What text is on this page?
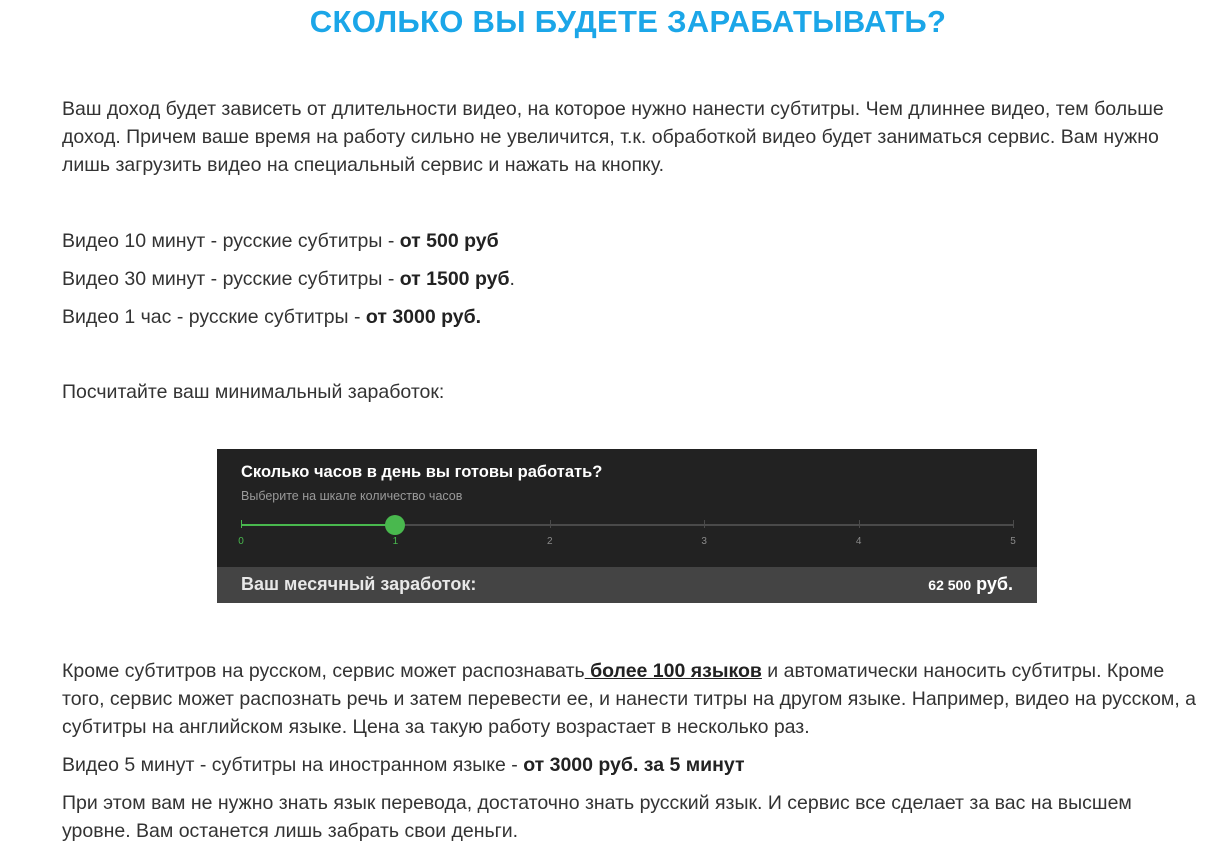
СКОЛЬКО ВЫ БУДЕТЕ ЗАРАБАТЫВАТЬ?

Ваш доход будет зависеть от длительности видео, на которое нужно нанести субтитры. Чем длиннее видео, тем больше доход. Причем ваше время на работу сильно не увеличится, т.к. обработкой видео будет заниматься сервис. Вам нужно лишь загрузить видео на специальный сервис и нажать на кнопку.

Видео 10 минут - русские субтитры - от 500 руб

Видео 30 минут - русские субтитры - от 1500 руб.

Видео 1 час - русские субтитры - от 3000 руб.

Посчитайте ваш минимальный заработок:

Сколько часов в день вы готовы работать?
Выберите на шкале количество часов
0	1	2	3	4	5
Ваш месячный заработок:	62 500 руб.

Кроме субтитров на русском, сервис может распознавать более 100 языков и автоматически наносить субтитры. Кроме того, сервис может распознать речь и затем перевести ее, и нанести титры на другом языке. Например, видео на русском, а субтитры на английском языке. Цена за такую работу возрастает в несколько раз.

Видео 5 минут - субтитры на иностранном языке - от 3000 руб. за 5 минут

При этом вам не нужно знать язык перевода, достаточно знать русский язык. И сервис все сделает за вас на высшем уровне. Вам останется лишь забрать свои деньги.
